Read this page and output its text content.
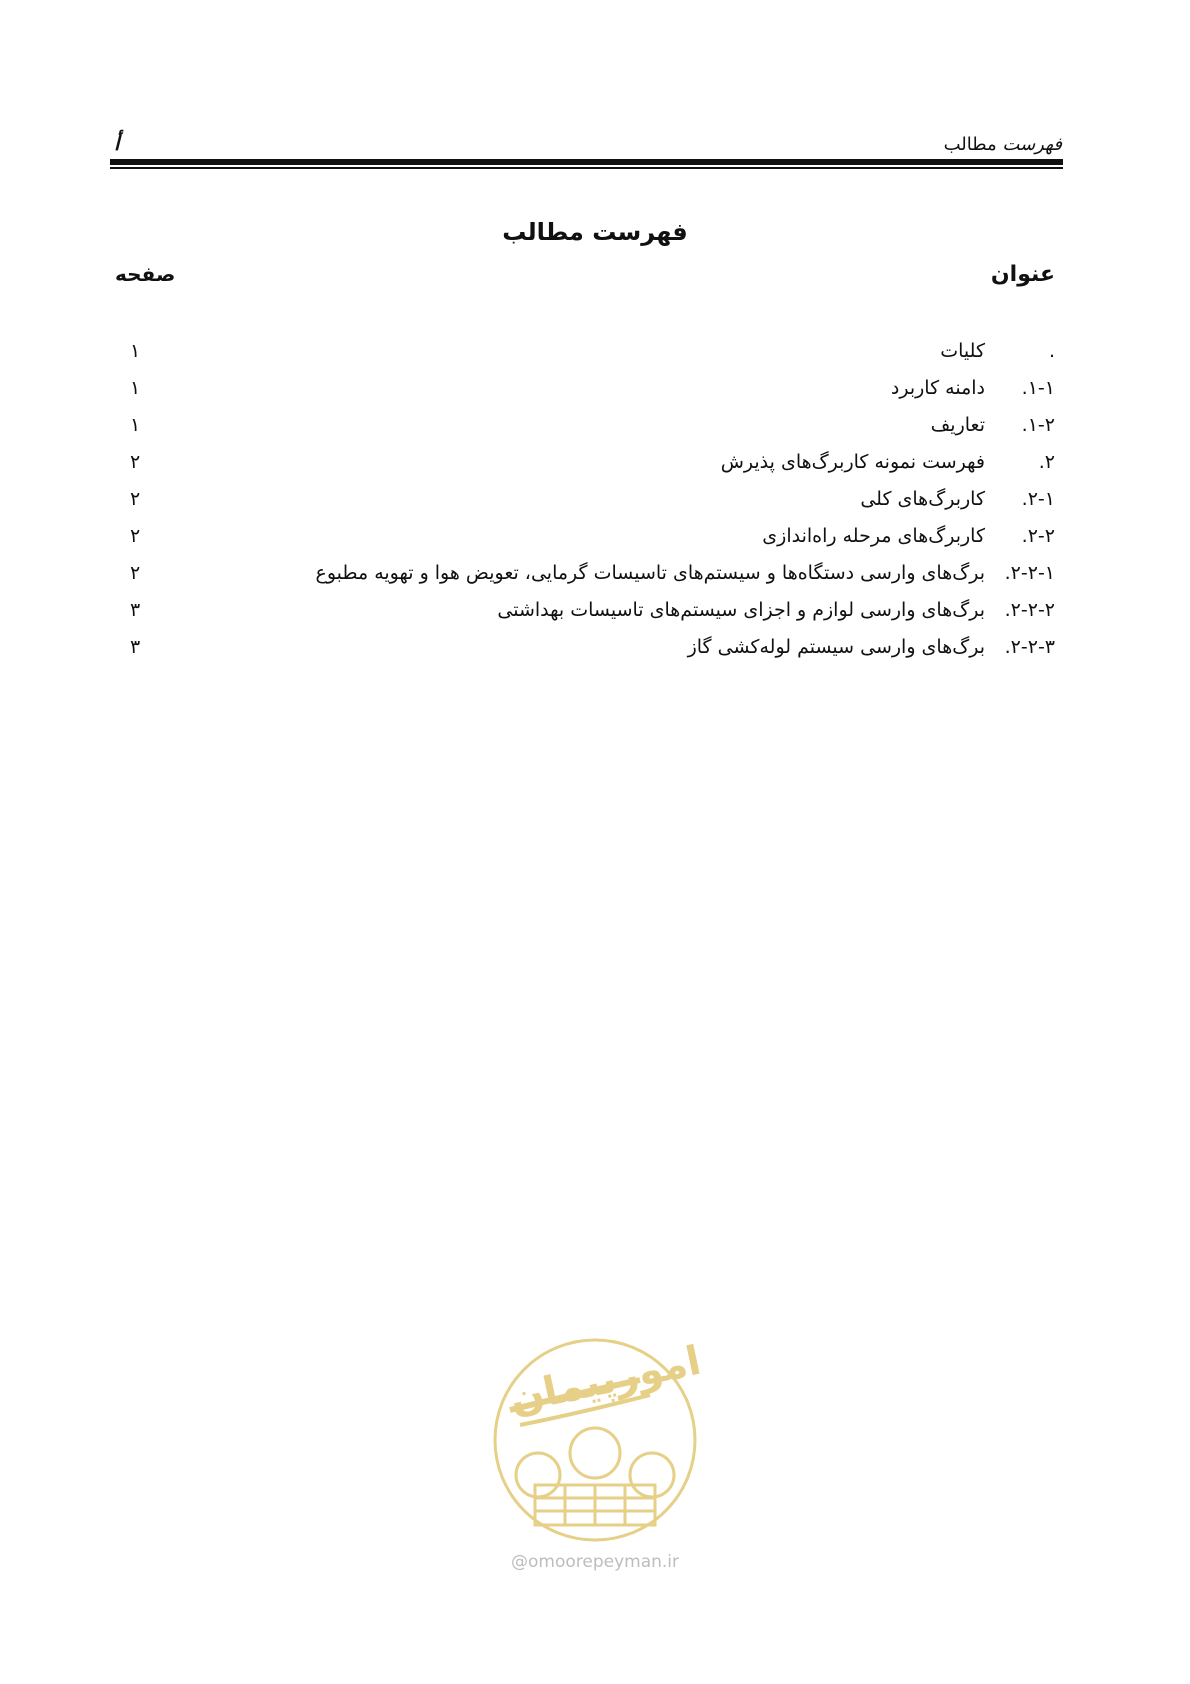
فهرست مطالب
أ
فهرست مطالب
عنوان
صفحه
.
کلیات
۱
۱-۱.
دامنه کاربرد
۱
۱-۲.
تعاریف
۱
۲.
فهرست نمونه کاربرگ‌های پذیرش
۲
۲-۱.
کاربرگ‌های کلی
۲
۲-۲.
کاربرگ‌های مرحله راه‌اندازی
۲
۲-۲-۱.
برگ‌های وارسی دستگاه‌ها و سیستم‌های تاسیسات گرمایی، تعویض هوا و تهویه مطبوع
۲
۲-۲-۲.
برگ‌های وارسی لوازم و اجزای سیستم‌های تاسیسات بهداشتی
۳
۲-۲-۳.
برگ‌های وارسی سیستم لوله‌کشی گاز
۳
امورپیمان
@omoorepeyman.ir
